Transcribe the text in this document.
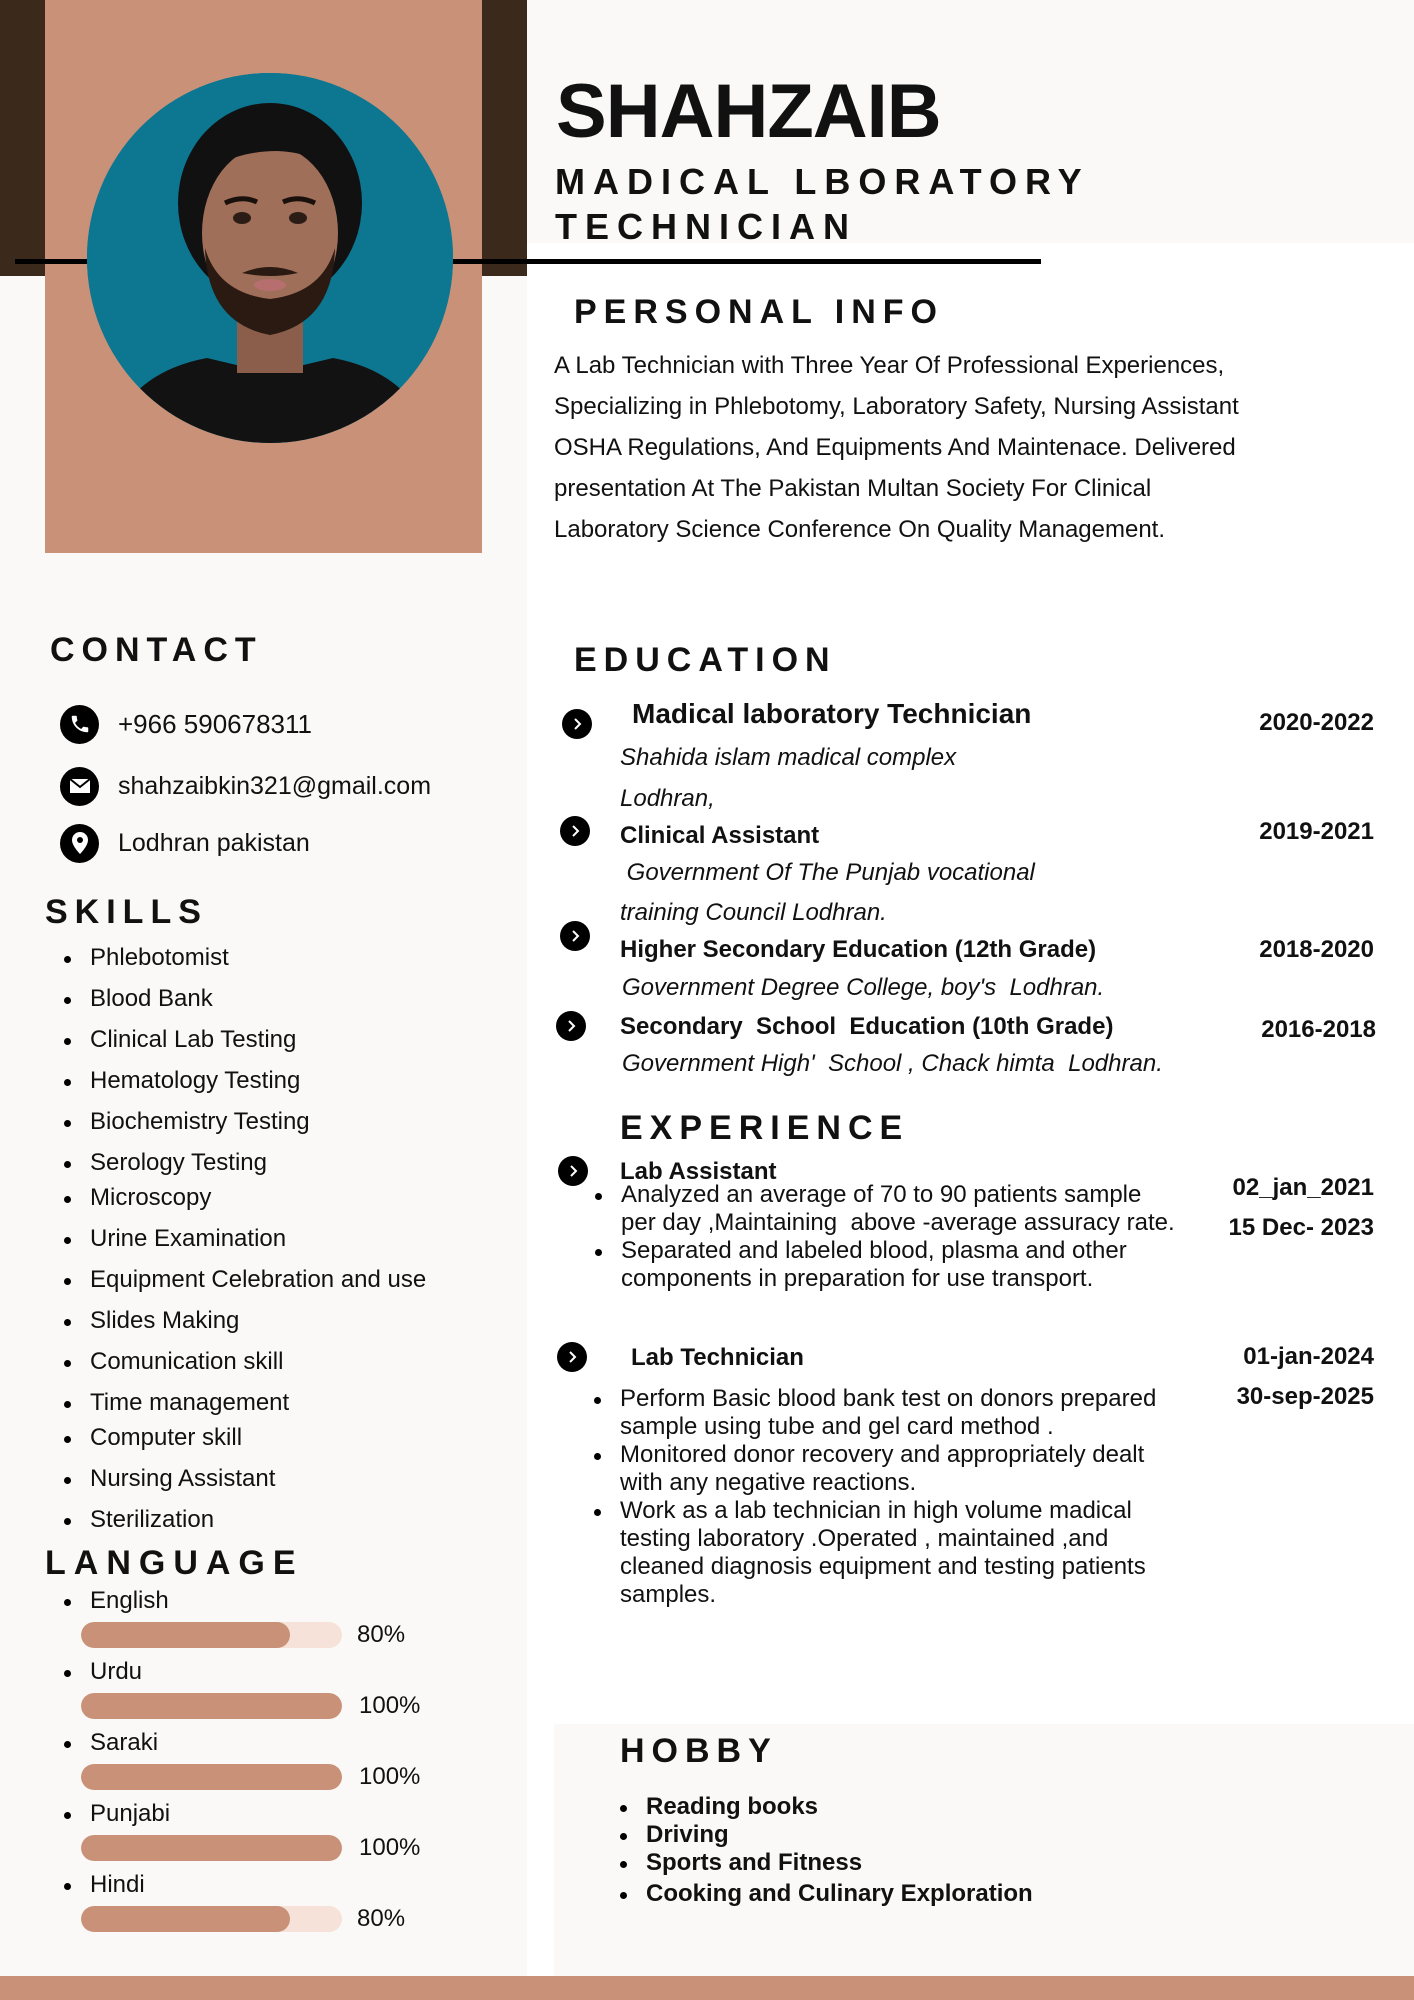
SHAHZAIB
MADICAL LBORATORY
TECHNICIAN
PERSONAL INFO
A Lab Technician with Three Year Of Professional Experiences,
Specializing in Phlebotomy, Laboratory Safety, Nursing Assistant
OSHA Regulations, And Equipments And Maintenace. Delivered
presentation At The Pakistan Multan Society For Clinical
Laboratory Science Conference On Quality Management.
CONTACT
+966 590678311
shahzaibkin321@gmail.com
Lodhran pakistan
SKILLS
Phlebotomist
Blood Bank
Clinical Lab Testing
Hematology Testing
Biochemistry Testing
Serology Testing
Microscopy
Urine Examination
Equipment Celebration and use
Slides Making
Comunication skill
Time management
Computer skill
Nursing Assistant
Sterilization
LANGUAGE
English
80%
Urdu
100%
Saraki
100%
Punjabi
100%
Hindi
80%
EDUCATION
Madical laboratory Technician	2020-2022
Shahida islam madical complex
Lodhran,
Clinical Assistant	2019-2021
Government Of The Punjab vocational
training Council Lodhran.
Higher Secondary Education (12th Grade)	2018-2020
Government Degree College, boy's  Lodhran.
Secondary  School  Education (10th Grade)	2016-2018
Government High'  School , Chack himta  Lodhran.
EXPERIENCE
Lab Assistant
02_jan_2021
15 Dec- 2023
Analyzed an average of 70 to 90 patients sample
per day ,Maintaining  above -average assuracy rate.
Separated and labeled blood, plasma and other
components in preparation for use transport.
Lab Technician	01-jan-2024
30-sep-2025
Perform Basic blood bank test on donors prepared
sample using tube and gel card method .
Monitored donor recovery and appropriately dealt
with any negative reactions.
Work as a lab technician in high volume madical
testing laboratory .Operated , maintained ,and
cleaned diagnosis equipment and testing patients
samples.
HOBBY
Reading books
Driving
Sports and Fitness
Cooking and Culinary Exploration
